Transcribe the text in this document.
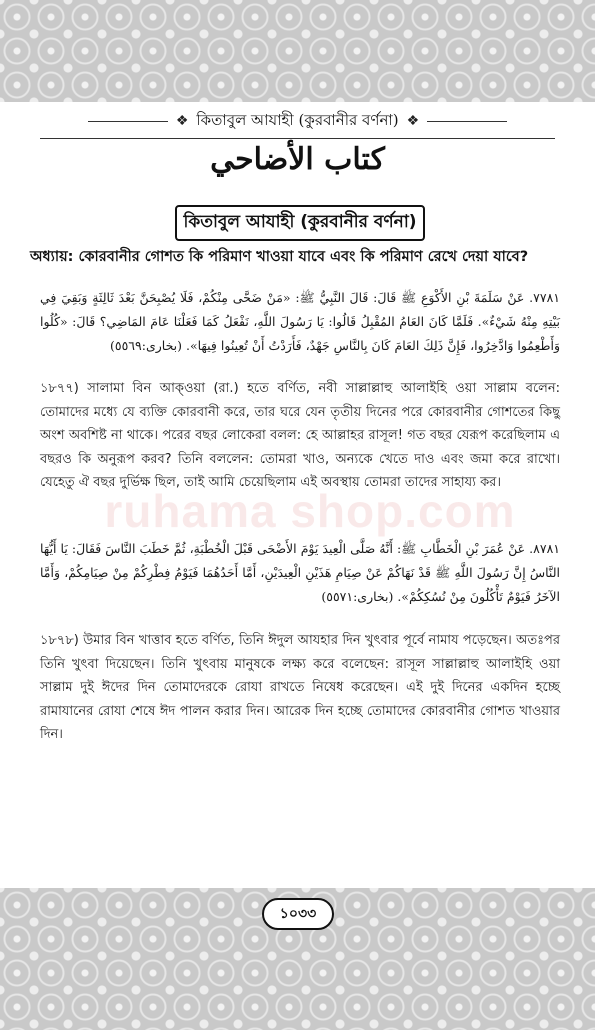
❖ কিতাবুল আযাহী (কুরবানীর বর্ণনা) ❖
كتاب الأضاحي
কিতাবুল আযাহী (কুরবানীর বর্ণনা)
অধ্যায়: কোরবানীর গোশত কি পরিমাণ খাওয়া যাবে এবং কি পরিমাণ রেখে দেয়া যাবে?
٧٧٨١. عَنْ سَلَمَةَ بْنِ الأَكْوَعِ ﷺ قَالَ: قَالَ النَّبِيُّ ﷺ: «مَنْ ضَحَّى مِنْكُمْ، فَلَا يُصْبِحَنَّ بَعْدَ ثَالِثَةٍ وَبَقِيَ فِي بَيْتِهِ مِنْهُ شَيْءٌ». فَلَمَّا كَانَ العَامُ المُقْبِلُ قَالُوا: يَا رَسُولَ اللَّهِ، نَفْعَلُ كَمَا فَعَلْنَا عَامَ المَاضِي؟ قَالَ: «كُلُوا وَأَطْعِمُوا وَادَّخِرُوا، فَإِنَّ ذَلِكَ العَامَ كَانَ بِالنَّاسِ جَهْدٌ، فَأَرَدْتُ أَنْ تُعِينُوا فِيهَا». (بخارى:٥٥٦٩)
১৮৭৭) সালামা বিন আক্ওয়া (রা.) হতে বর্ণিত, নবী সাল্লাল্লাহু আলাইহি ওয়া সাল্লাম বলেন: তোমাদের মধ্যে যে ব্যক্তি কোরবানী করে, তার ঘরে যেন তৃতীয় দিনের পরে কোরবানীর গোশতের কিছু অংশ অবশিষ্ট না থাকে। পরের বছর লোকেরা বলল: হে আল্লাহর রাসূল! গত বছর যেরূপ করেছিলাম এ বছরও কি অনুরূপ করব? তিনি বললেন: তোমরা খাও, অন্যকে খেতে দাও এবং জমা করে রাখো। যেহেতু ঐ বছর দুর্ভিক্ষ ছিল, তাই আমি চেয়েছিলাম এই অবস্থায় তোমরা তাদের সাহায্য কর।
ruhama shop.com
٨٧٨١. عَنْ عُمَرَ بْنِ الْخَطَّابِ ﷺ: أَنَّهُ صَلَّى الْعِيدَ يَوْمَ الأَضْحَى قَبْلَ الْخُطْبَةِ، ثُمَّ خَطَبَ النَّاسَ فَقَالَ: يَا أَيُّهَا النَّاسُ إِنَّ رَسُولَ اللَّهِ ﷺ قَدْ نَهَاكُمْ عَنْ صِيَامِ هَذَيْنِ الْعِيدَيْنِ، أَمَّا أَحَدُهُمَا فَيَوْمُ فِطْرِكُمْ مِنْ صِيَامِكُمْ، وَأَمَّا الآخَرُ فَيَوْمٌ تَأْكُلُونَ مِنْ نُسُكِكُمْ». (بخارى:٥٥٧١)
১৮৭৮) উমার বিন খাত্তাব হতে বর্ণিত, তিনি ঈদুল আযহার দিন খুৎবার পূর্বে নামায পড়েছেন। অতঃপর তিনি খুৎবা দিয়েছেন। তিনি খুৎবায় মানুষকে লক্ষ্য করে বলেছেন: রাসূল সাল্লাল্লাহু আলাইহি ওয়া সাল্লাম দুই ঈদের দিন তোমাদেরকে রোযা রাখতে নিষেধ করেছেন। এই দুই দিনের একদিন হচ্ছে রামাযানের রোযা শেষে ঈদ পালন করার দিন। আরেক দিন হচ্ছে তোমাদের কোরবানীর গোশত খাওয়ার দিন।
১০৩৩
